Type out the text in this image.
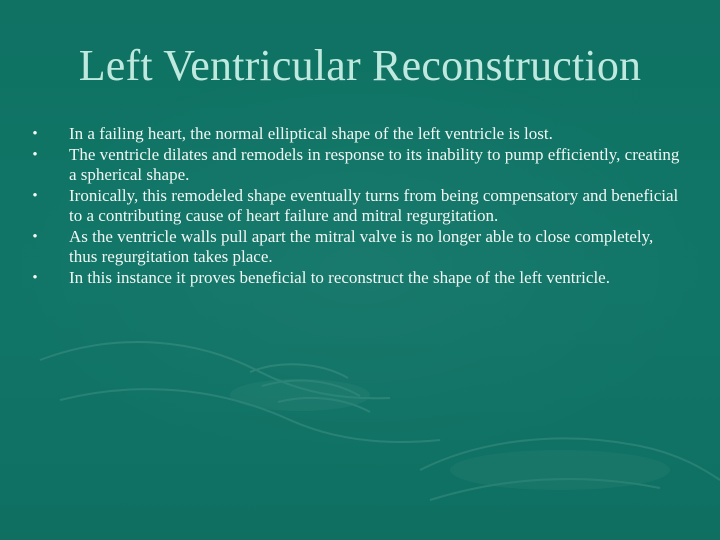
Left Ventricular Reconstruction
• In a failing heart, the normal elliptical shape of the left ventricle is lost.
• The ventricle dilates and remodels in response to its inability to pump efficiently, creating a spherical shape.
• Ironically, this remodeled shape eventually turns from being compensatory and beneficial to a contributing cause of heart failure and mitral regurgitation.
• As the ventricle walls pull apart the mitral valve is no longer able to close completely, thus regurgitation takes place.
• In this instance it proves beneficial to reconstruct the shape of the left ventricle.
